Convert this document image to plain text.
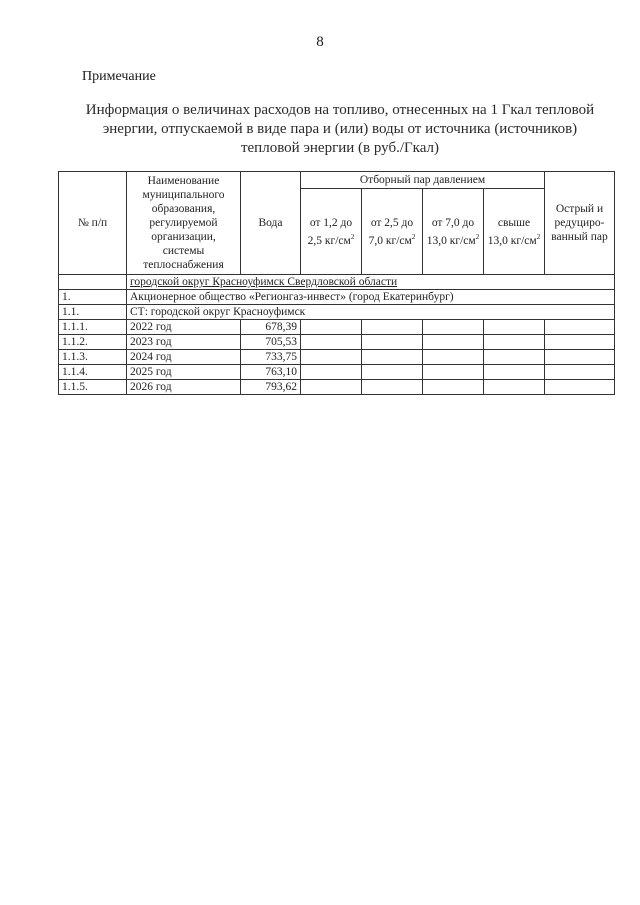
8
Примечание
Информация о величинах расходов на топливо, отнесенных на 1 Гкал тепловой
энергии, отпускаемой в виде пара и (или) воды от источника (источников)
тепловой энергии (в руб./Гкал)
№ п/п	Наименование муниципального образования, регулируемой организации, системы теплоснабжения	Вода	Отборный пар давлением				Острый и редуциро-ванный пар
			от 1,2 до 2,5 $кг/см^2$	от 2,5 до 7,0 $кг/см^2$	от 7,0 до 13,0 $кг/см^2$	свыше 13,0 $кг/см^2$
	городской округ Красноуфимск Свердловской области						
1.	Акционерное общество «Регионгаз-инвест» (город Екатеринбург)						
1.1.	СТ: городской округ Красноуфимск						
1.1.1.	2022 год	678,39					
1.1.2.	2023 год	705,53					
1.1.3.	2024 год	733,75					
1.1.4.	2025 год	763,10					
1.1.5.	2026 год	793,62					
